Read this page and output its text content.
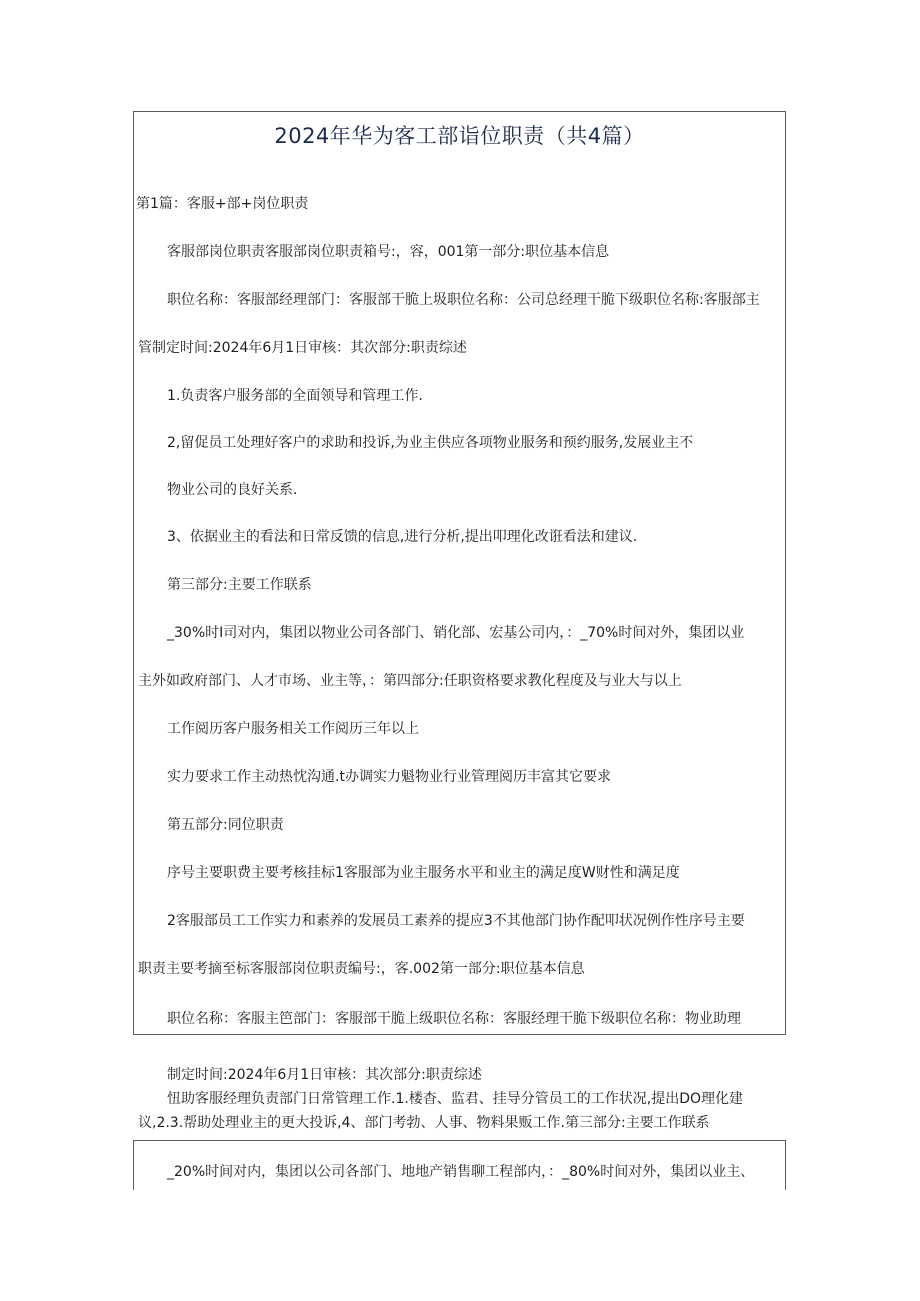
2024年华为客工部诣位职责（共4篇）
第1篇：客服+部+岗位职责
客服部岗位职责客服部岗位职责箱号:，容，001第一部分:职位基本信息
职位名称：客服部经理部门：客服部干脆上圾职位名称：公司总经理干脆下级职位名称:客服部主
管制定时间:2024年6月1日审核：其次部分:职责综述
1.负责客户服务部的全面领导和管理工作.
2,留促员工处理好客户的求助和投诉,为业主供应各项物业服务和预约服务,发展业主不
物业公司的良好关系.
3、依据业主的看法和日常反馈的信息,进行分析,提出叩理化改诳看法和建议.
第三部分:主要工作联系
_30%时I司对内，集团以物业公司各部门、销化部、宏基公司内，：_70%时间对外，集团以业
主外如政府部门、人才市场、业主等，：第四部分:任职资格要求教化程度及与业大与以上
工作阅历客户服务相关工作阅历三年以上
实力要求工作主动热忱沟通.t办调实力魁物业行业管理阅历丰富其它要求
第五部分:同位职责
序号主要职费主要考核挂标1客服部为业主服务水平和业主的满足度W财性和满足度
2客服部员工工作实力和素养的发展员工素养的提应3不其他部门协作配叩状况例作性序号主要
职责主要考摘至标客服部岗位职责编号:，客.002第一部分:职位基本信息
职位名称：客服主笆部门：客服部干脆上级职位名称：客服经理干脆下级职位名称：物业助理
制定时间:2024年6月1日审核：其次部分:职责综述
忸助客服经理负责部门日常管理工作.1.楼杳、监君、挂导分管员工的工作状况,提出DO理化建
议,2.3.帮助处理业主的更大投诉,4、部门考勃、人事、物料果贩工作.第三部分:主要工作联系
_20%时间对内，集团以公司各部门、地地产销售聊工程部内，：_80%时间对外，集团以业主、
